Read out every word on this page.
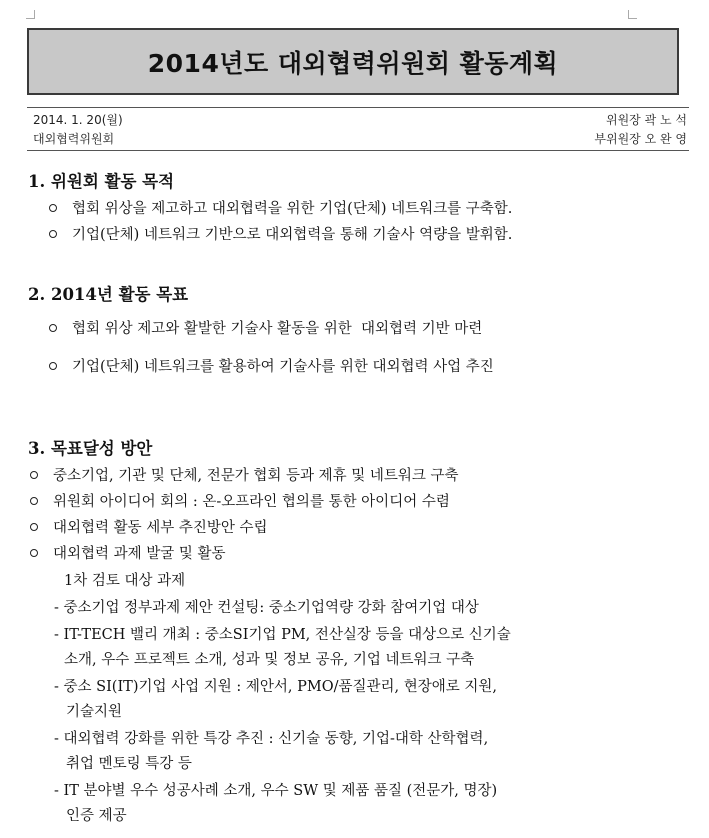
2014년도 대외협력위원회 활동계획
2014. 1. 20(월)
대외협력위원회
위원장 곽 노 석
부위원장 오 완 영
1. 위원회 활동 목적
협회 위상을 제고하고 대외협력을 위한 기업(단체) 네트워크를 구축함.
기업(단체) 네트워크 기반으로 대외협력을 통해 기술사 역량을 발휘함.
2. 2014년 활동 목표
협회 위상 제고와 활발한 기술사 활동을 위한  대외협력 기반 마련
기업(단체) 네트워크를 활용하여 기술사를 위한 대외협력 사업 추진
3. 목표달성 방안
중소기업, 기관 및 단체, 전문가 협회 등과 제휴 및 네트워크 구축
위원회 아이디어 회의 : 온-오프라인 협의를 통한 아이디어 수렴
대외협력 활동 세부 추진방안 수립
대외협력 과제 발굴 및 활동
1차 검토 대상 과제
- 중소기업 정부과제 제안 컨설팅: 중소기업역량 강화 참여기업 대상
- IT-TECH 밸리 개최 : 중소SI기업 PM, 전산실장 등을 대상으로 신기술
소개, 우수 프로젝트 소개, 성과 및 정보 공유, 기업 네트워크 구축
- 중소 SI(IT)기업 사업 지원 : 제안서, PMO/품질관리, 현장애로 지원,
기술지원
- 대외협력 강화를 위한 특강 추진 : 신기술 동향, 기업-대학 산학협력,
취업 멘토링 특강 등
- IT 분야별 우수 성공사례 소개, 우수 SW 및 제품 품질 (전문가, 명장)
인증 제공
